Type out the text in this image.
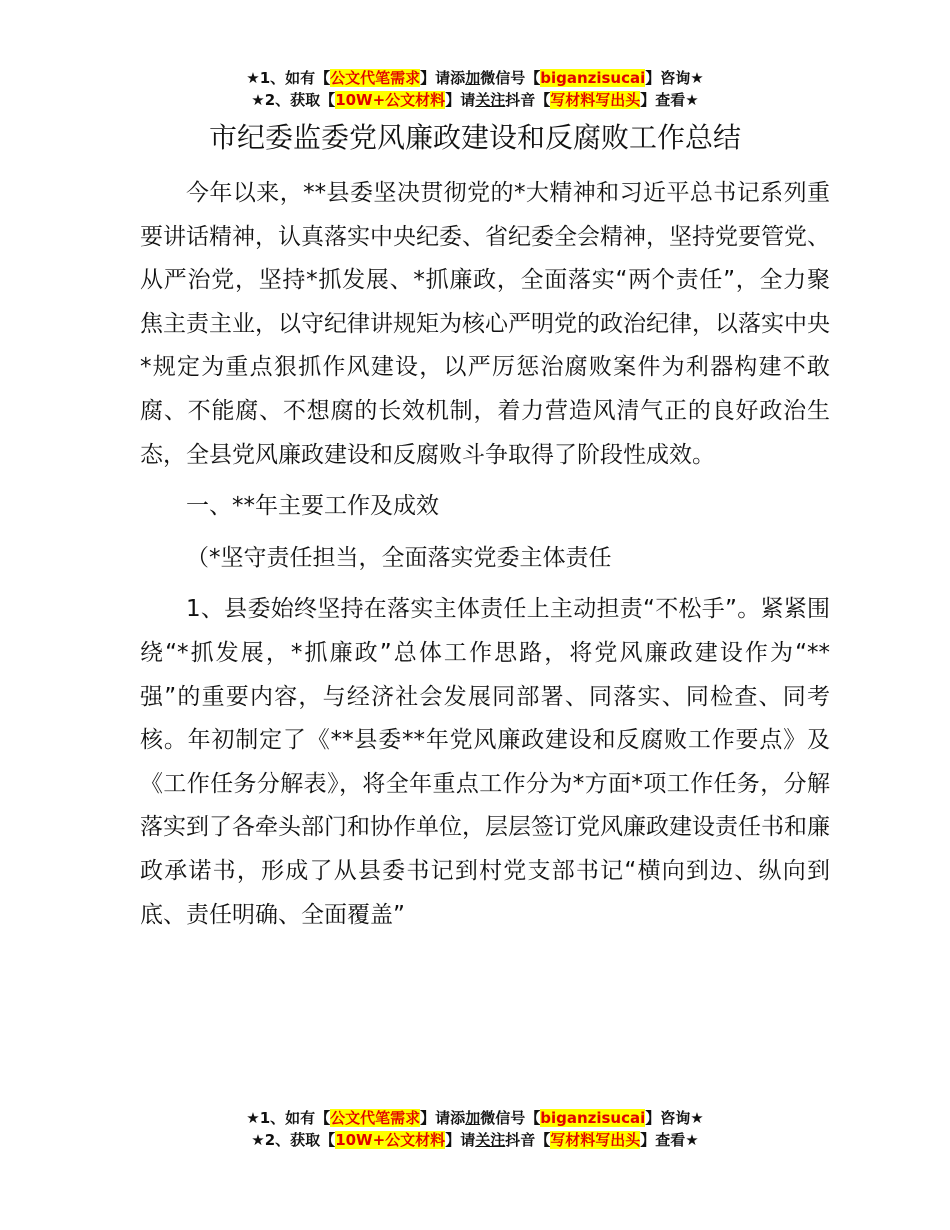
★1、如有【公文代笔需求】请添加微信号【biganzisucai】咨询★
★2、获取【10W+公文材料】请关注抖音【写材料写出头】查看★
市纪委监委党风廉政建设和反腐败工作总结

今年以来，**县委坚决贯彻党的*大精神和习近平总书记系列重要讲话精神，认真落实中央纪委、省纪委全会精神，坚持党要管党、从严治党，坚持*抓发展、*抓廉政，全面落实“两个责任”，全力聚焦主责主业，以守纪律讲规矩为核心严明党的政治纪律，以落实中央*规定为重点狠抓作风建设，以严厉惩治腐败案件为利器构建不敢腐、不能腐、不想腐的长效机制，着力营造风清气正的良好政治生态，全县党风廉政建设和反腐败斗争取得了阶段性成效。

一、**年主要工作及成效

（*坚守责任担当，全面落实党委主体责任

1、县委始终坚持在落实主体责任上主动担责“不松手”。紧紧围绕“*抓发展，*抓廉政”总体工作思路，将党风廉政建设作为“**强”的重要内容，与经济社会发展同部署、同落实、同检查、同考核。年初制定了《**县委**年党风廉政建设和反腐败工作要点》及《工作任务分解表》，将全年重点工作分为*方面*项工作任务，分解落实到了各牵头部门和协作单位，层层签订党风廉政建设责任书和廉政承诺书，形成了从县委书记到村党支部书记“横向到边、纵向到底、责任明确、全面覆盖”

★1、如有【公文代笔需求】请添加微信号【biganzisucai】咨询★
★2、获取【10W+公文材料】请关注抖音【写材料写出头】查看★
